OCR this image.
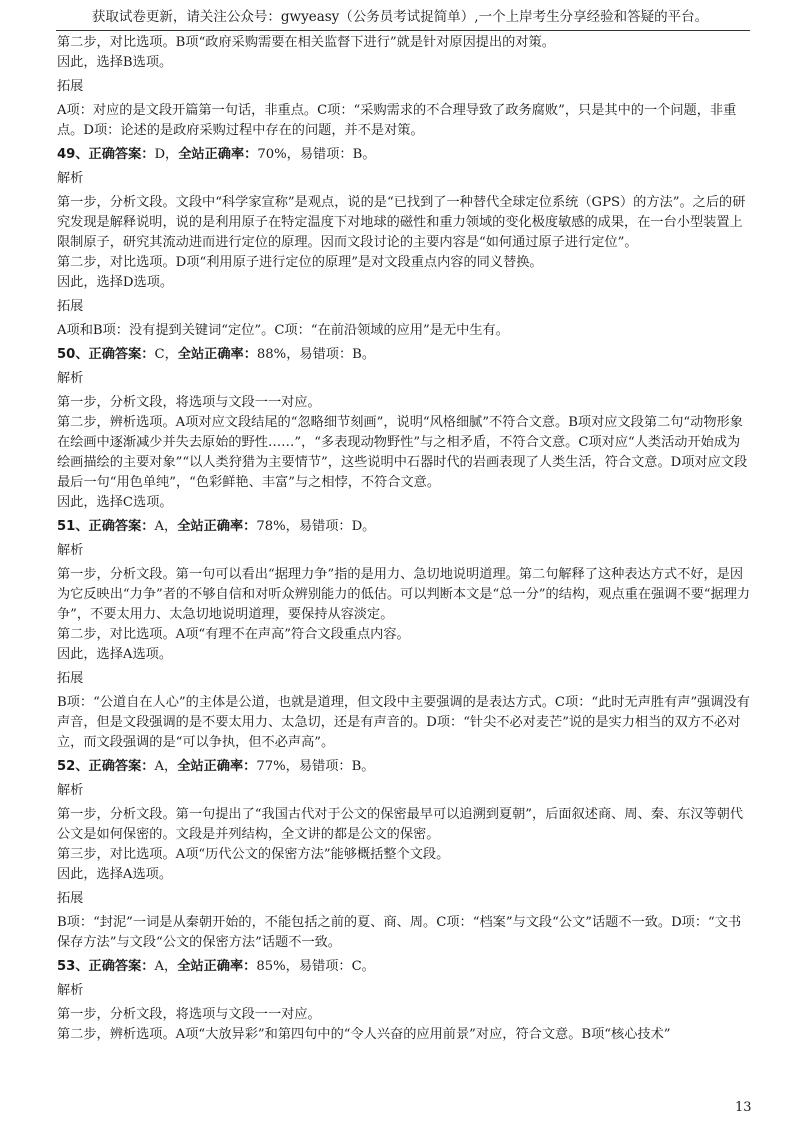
获取试卷更新，请关注公众号：gwyeasy（公务员考试捉简单）,一个上岸考生分享经验和答疑的平台。

第二步，对比选项。B项“政府采购需要在相关监督下进行”就是针对原因提出的对策。

因此，选择B选项。

拓展

A项：对应的是文段开篇第一句话，非重点。C项：“采购需求的不合理导致了政务腐败”，只是其中的一个问题，非重点。D项：论述的是政府采购过程中存在的问题，并不是对策。

49、正确答案：D，全站正确率：70%，易错项：B。

解析

第一步，分析文段。文段中“科学家宣称”是观点，说的是“已找到了一种替代全球定位系统（GPS）的方法”。之后的研究发现是解释说明，说的是利用原子在特定温度下对地球的磁性和重力领域的变化极度敏感的成果，在一台小型装置上限制原子，研究其流动进而进行定位的原理。因而文段讨论的主要内容是“如何通过原子进行定位”。

第二步，对比选项。D项“利用原子进行定位的原理”是对文段重点内容的同义替换。

因此，选择D选项。

拓展

A项和B项：没有提到关键词“定位”。C项：“在前沿领域的应用”是无中生有。

50、正确答案：C，全站正确率：88%，易错项：B。

解析

第一步，分析文段，将选项与文段一一对应。

第二步，辨析选项。A项对应文段结尾的“忽略细节刻画”，说明“风格细腻”不符合文意。B项对应文段第二句“动物形象在绘画中逐渐减少并失去原始的野性……”，“多表现动物野性”与之相矛盾，不符合文意。C项对应“人类活动开始成为绘画描绘的主要对象”“以人类狩猎为主要情节”，这些说明中石器时代的岩画表现了人类生活，符合文意。D项对应文段最后一句“用色单纯”，“色彩鲜艳、丰富”与之相悖，不符合文意。

因此，选择C选项。

51、正确答案：A，全站正确率：78%，易错项：D。

解析

第一步，分析文段。第一句可以看出“据理力争”指的是用力、急切地说明道理。第二句解释了这种表达方式不好，是因为它反映出“力争”者的不够自信和对听众辨别能力的低估。可以判断本文是“总一分”的结构，观点重在强调不要“据理力争”，不要太用力、太急切地说明道理，要保持从容淡定。

第二步，对比选项。A项“有理不在声高”符合文段重点内容。

因此，选择A选项。

拓展

B项：“公道自在人心”的主体是公道，也就是道理，但文段中主要强调的是表达方式。C项：“此时无声胜有声”强调没有声音，但是文段强调的是不要太用力、太急切，还是有声音的。D项：“针尖不必对麦芒”说的是实力相当的双方不必对立，而文段强调的是“可以争执，但不必声高”。

52、正确答案：A，全站正确率：77%，易错项：B。

解析

第一步，分析文段。第一句提出了“我国古代对于公文的保密最早可以追溯到夏朝”，后面叙述商、周、秦、东汉等朝代公文是如何保密的。文段是并列结构，全文讲的都是公文的保密。

第三步，对比选项。A项“历代公文的保密方法”能够概括整个文段。

因此，选择A选项。

拓展

B项：“封泥”一词是从秦朝开始的，不能包括之前的夏、商、周。C项：“档案”与文段“公文”话题不一致。D项：“文书保存方法”与文段“公文的保密方法”话题不一致。

53、正确答案：A，全站正确率：85%，易错项：C。

解析

第一步，分析文段，将选项与文段一一对应。

第二步，辨析选项。A项“大放异彩”和第四句中的“令人兴奋的应用前景”对应，符合文意。B项“核心技术”

13
